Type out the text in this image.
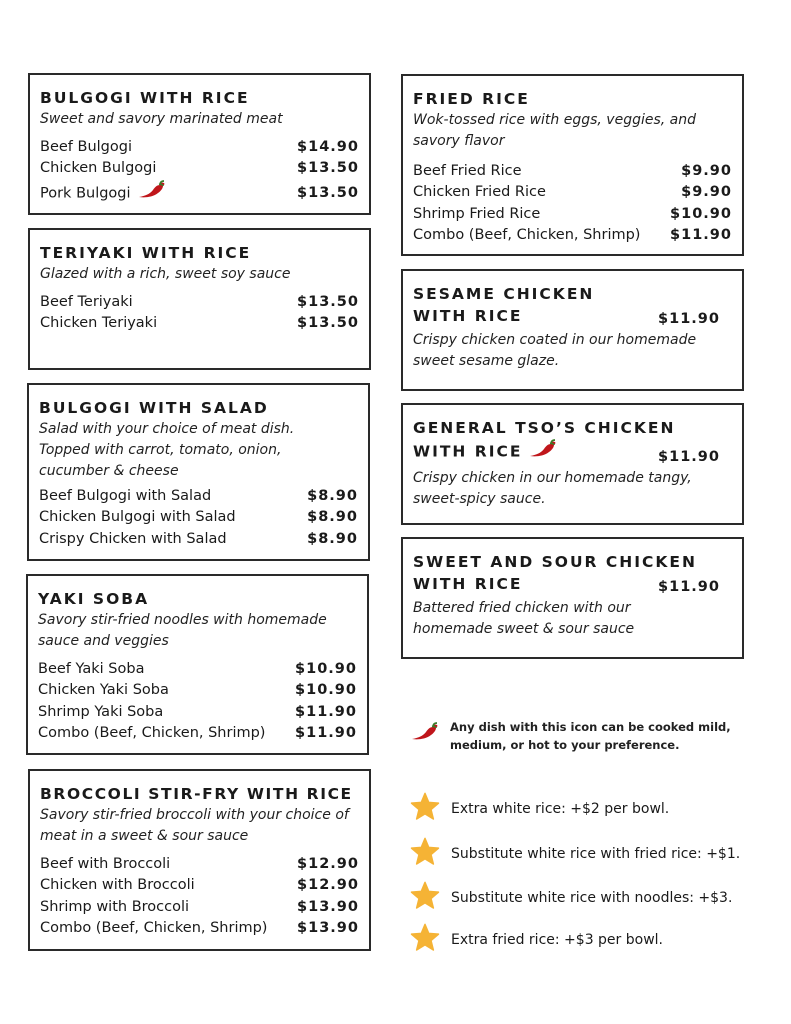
BULGOGI WITH RICE
Sweet and savory marinated meat
Beef Bulgogi	$14.90
Chicken Bulgogi	$13.50
Pork Bulgogi	$13.50
TERIYAKI WITH RICE
Glazed with a rich, sweet soy sauce
Beef Teriyaki	$13.50
Chicken Teriyaki	$13.50
BULGOGI WITH SALAD
Salad with your choice of meat dish. Topped with carrot, tomato, onion, cucumber & cheese
Beef Bulgogi with Salad	$8.90
Chicken Bulgogi with Salad	$8.90
Crispy Chicken with Salad	$8.90
YAKI SOBA
Savory stir-fried noodles with homemade sauce and veggies
Beef Yaki Soba	$10.90
Chicken Yaki Soba	$10.90
Shrimp Yaki Soba	$11.90
Combo (Beef, Chicken, Shrimp) $11.90
BROCCOLI STIR-FRY WITH RICE
Savory stir-fried broccoli with your choice of meat in a sweet & sour sauce
Beef with Broccoli	$12.90
Chicken with Broccoli	$12.90
Shrimp with Broccoli	$13.90
Combo (Beef, Chicken, Shrimp) $13.90
FRIED RICE
Wok-tossed rice with eggs, veggies, and savory flavor
Beef Fried Rice	$9.90
Chicken Fried Rice	$9.90
Shrimp Fried Rice	$10.90
Combo (Beef, Chicken, Shrimp) $11.90
SESAME CHICKEN
WITH RICE	$11.90
Crispy chicken coated in our homemade sweet sesame glaze.
GENERAL TSO’S CHICKEN
WITH RICE	$11.90
Crispy chicken in our homemade tangy, sweet-spicy sauce.
SWEET AND SOUR CHICKEN
WITH RICE	$11.90
Battered fried chicken with our homemade sweet & sour sauce
Any dish with this icon can be cooked mild, medium, or hot to your preference.
Extra white rice: +$2 per bowl.
Substitute white rice with fried rice: +$1.
Substitute white rice with noodles: +$3.
Extra fried rice: +$3 per bowl.
